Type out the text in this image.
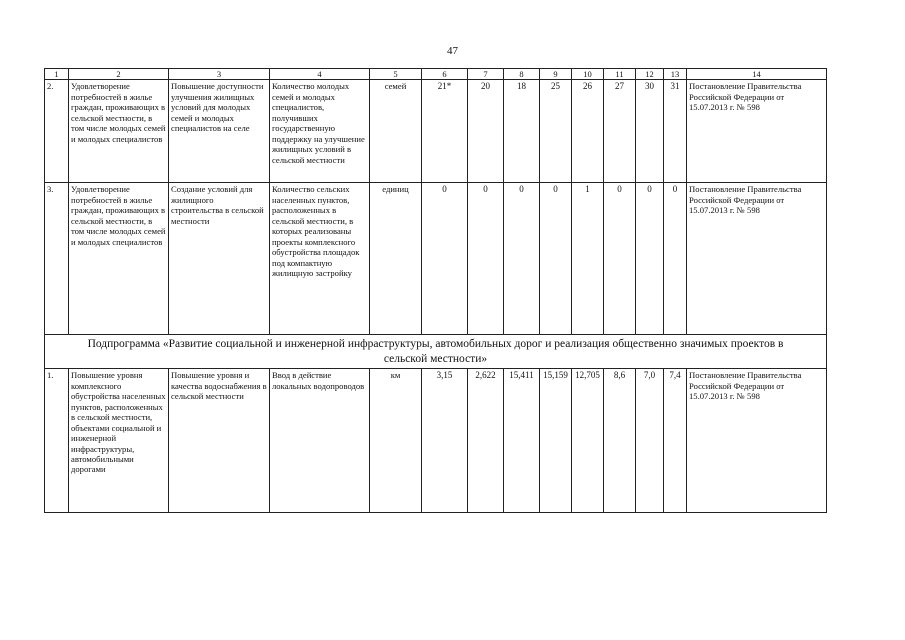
47
1	2	3	4	5	6	7	8	9	10	11	12	13	14
2.	Удовлетворение потребностей в жилье граждан, проживающих в сельской местности, в том числе молодых семей и молодых специалистов	Повышение доступности улучшения жилищных условий для молодых семей и молодых специалистов на селе	Количество молодых семей и молодых специалистов, получивших государственную поддержку на улучшение жилищных условий в сельской местности	семей	21*	20	18	25	26	27	30	31	Постановление Правительства Российской Федерации от 15.07.2013 г. № 598
3.	Удовлетворение потребностей в жилье граждан, проживающих в сельской местности, в том числе молодых семей и молодых специалистов	Создание условий для жилищного строительства в сельской местности	Количество сельских населенных пунктов, расположенных в сельской местности, в которых реализованы проекты комплексного обустройства площадок под компактную жилищную застройку	единиц	0	0	0	0	1	0	0	0	Постановление Правительства Российской Федерации от 15.07.2013 г. № 598
Подпрограмма «Развитие социальной и инженерной инфраструктуры, автомобильных дорог и реализация общественно значимых проектов в сельской местности»													
1.	Повышение уровня комплексного обустройства населенных пунктов, расположенных в сельской местности, объектами социальной и инженерной инфраструктуры, автомобильными дорогами	Повышение уровня и качества водоснабжения в сельской местности	Ввод в действие локальных водопроводов	км	3,15	2,622	15,411	15,159	12,705	8,6	7,0	7,4	Постановление Правительства Российской Федерации от 15.07.2013 г. № 598
